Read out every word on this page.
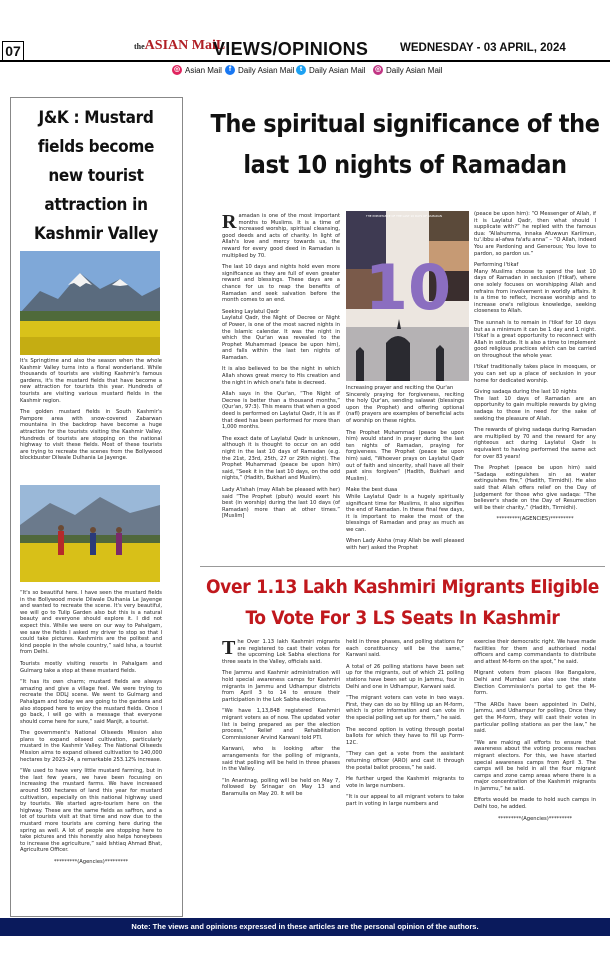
07	theASIAN MaiL
VIEWS/OPINIONS	WEDNESDAY - 03 APRIL, 2024
◎ Asian Mail f Daily Asian Mail t Daily Asian Mail ◎ Daily Asian Mail
J&K : Mustard fields become new tourist attraction in Kashmir Valley

It's Springtime and also the season when the whole Kashmir Valley turns into a floral wonderland. While thousands of tourists are visiting Kashmir's famous gardens, it's the mustard fields that have become a new attraction for tourists this year. Hundreds of tourists are visiting various mustard fields in the Kashmir region.

The golden mustard fields in South Kashmir's Pampore area with snow-covered Zabarwan mountains in the backdrop have become a huge attraction for the tourists visiting the Kashmir Valley. Hundreds of tourists are stopping on the national highway to visit these fields. Most of these tourists are trying to recreate the scenes from the Bollywood blockbuster Dilwale Dulhania Le Jayenge.

“It's so beautiful here. I have seen the mustard fields in the Bollywood movie Dilwale Dulhania Le Jayenge and wanted to recreate the scene. It's very beautiful, we will go to Tulip Garden also but this is a natural beauty and everyone should explore it. I did not expect this. While we were on our way to Pahalgam, we saw the fields I asked my driver to stop so that I could take pictures. Kashmiris are the politest and kind people in the whole country,” said Isha, a tourist from Delhi.

Tourists mostly visiting resorts in Pahalgam and Gulmarg take a stop at these mustard fields.

“It has its own charm; mustard fields are always amazing and give a village feel. We were trying to recreate the DDLJ scene. We went to Gulmarg and Pahalgam and today we are going to the gardens and also stopped here to enjoy the mustard fields. Once I go back, I will go with a message that everyone should come here for sure,” said Manjit, a tourist.

The government's National Oilseeds Mission also plans to expand oilseed cultivation, particularly mustard in the Kashmir Valley. The National Oilseeds Mission aims to expand oilseed cultivation to 140,000 hectares by 2023-24, a remarkable 253.12% increase.

“We used to have very little mustard farming, but in the last few years, we have been focusing on increasing the mustard farms. We have increased around 500 hectares of land this year for mustard cultivation, especially on this national highway used by tourists. We started agro-tourism here on the highway. These are the same fields as saffron, and a lot of tourists visit at that time and now due to the mustard more tourists are coming here during the spring as well. A lot of people are stopping here to take pictures and this honestly also helps honeybees to increase the agriculture,” said Ishtiaq Ahmad Bhat, Agriculture Officer.

*********(Agencies)*********

The spiritual significance of the last 10 nights of Ramadan

Ramadan is one of the most important months to Muslims. It is a time of increased worship, spiritual cleansing, good deeds and acts of charity. In light of Allah's love and mercy towards us, the reward for every good deed in Ramadan is multiplied by 70.

The last 10 days and nights hold even more significance as they are full of even greater reward and blessings. These days are a chance for us to reap the benefits of Ramadan and seek salvation before the month comes to an end.

Seeking Laylatul Qadr
Laylatul Qadr, the Night of Decree or Night of Power, is one of the most sacred nights in the Islamic calendar. It was the night in which the Qur'an was revealed to the Prophet Muhammad (peace be upon him), and falls within the last ten nights of Ramadan.

It is also believed to be the night in which Allah shows great mercy to His creation and the night in which one's fate is decreed.

Allah says in the Qur'an, “The Night of Decree is better than a thousand months,” (Qur'an, 97:3). This means that when a good deed is performed on Laylatul Qadr, it is as if that deed has been performed for more than 1,000 months.

The exact date of Laylatul Qadr is unknown, although it is thought to occur on an odd night in the last 10 days of Ramadan (e.g. the 21st, 23rd, 25th, 27 or 29th night). The Prophet Muhammad (peace be upon him) said, “Seek it in the last 10 days, on the odd nights,” (Hadith, Bukhari and Muslim).

Lady A'ishah (may Allah be pleased with her) said “The Prophet (pbuh) would exert his best (in worship) during the last 10 days (of Ramadan) more than at other times.” [Muslim]

10
THE IMPORTANCE OF THE LAST 10 DAYS OF RAMADAN

Increasing prayer and reciting the Qur'an
Sincerely praying for forgiveness, reciting the holy Qur'an, sending salawat (blessings upon the Prophet) and offering optional (nafl) prayers are examples of beneficial acts of worship on these nights.

The Prophet Muhammad (peace be upon him) would stand in prayer during the last ten nights of Ramadan, praying for forgiveness. The Prophet (peace be upon him) said, “Whoever prays on Laylatul Qadr out of faith and sincerity, shall have all their past sins forgiven” (Hadith, Bukhari and Muslim).

Make the best duaa
While Laylatul Qadr is a hugely spiritually significant time for Muslims, it also signifies the end of Ramadan. In these final few days, it is important to make the most of the blessings of Ramadan and pray as much as we can.

When Lady Aisha (may Allah be well pleased with her) asked the Prophet

(peace be upon him): “O Messenger of Allah, if it is Laylatul Qadr, then what should I supplicate with?” he replied with the famous dua: “Allahumma, innaka Afuwwun Kariimun, tu'.ibbu al-afwa fa'afu anna” – “O Allah, indeed You are Pardoning and Generous; You love to pardon, so pardon us.”

Performing I'tikaf
Many Muslims choose to spend the last 10 days of Ramadan in seclusion (I'tikaf), where one solely focuses on worshipping Allah and refrains from involvement in worldly affairs. It is a time to reflect, increase worship and to increase one's religious knowledge, seeking closeness to Allah.

The sunnah is to remain in i'tikaf for 10 days but as a minimum it can be 1 day and 1 night. I'tikaf is a great opportunity to reconnect with Allah in solitude. It is also a time to implement good religious practices which can be carried on throughout the whole year.

I'tikaf traditionally takes place in mosques, or you can set up a place of seclusion in your home for dedicated worship.

Giving sadaqa during the last 10 nights
The last 10 days of Ramadan are an opportunity to gain multiple rewards by giving sadaqa to those in need for the sake of seeking the pleasure of Allah.

The rewards of giving sadaqa during Ramadan are multiplied by 70 and the reward for any righteous act during Laylatul Qadr is equivalent to having performed the same act for over 83 years!

The Prophet (peace be upon him) said “Sadaqa extinguishes sin as water extinguishes fire,” (Hadith, Tirmidhi). He also said that Allah offers relief on the Day of Judgement for those who give sadaqa: “The believer's shade on the Day of Resurrection will be their charity,” (Hadith, Tirmidhi).

*********(AGENCIES)*********

Over 1.13 Lakh Kashmiri Migrants Eligible To Vote For 3 LS Seats In Kashmir

The Over 1.13 lakh Kashmiri migrants are registered to cast their votes for the upcoming Lok Sabha elections for three seats in the Valley, officials said.

The Jammu and Kashmir administration will hold special awareness camps for Kashmiri migrants in Jammu and Udhampur districts from April 3 to 14 to ensure their participation in the Lok Sabha elections.

“We have 1,13,848 registered Kashmiri migrant voters as of now. The updated voter list is being prepared as per the election process,” Relief and Rehabilitation Commissioner Arvind Karwani told PTI.

Karwani, who is looking after the arrangements for the polling of migrants, said that polling will be held in three phases in the Valley.

“In Anantnag, polling will be held on May 7, followed by Srinagar on May 13 and Baramulla on May 20. It will be

held in three phases, and polling stations for each constituency will be the same,” Karwani said.

A total of 26 polling stations have been set up for the migrants, out of which 21 polling stations have been set up in Jammu, four in Delhi and one in Udhampur, Karwani said.

“The migrant voters can vote in two ways. First, they can do so by filling up an M-form, which is prior information and can vote in the special polling set up for them,” he said.

The second option is voting through postal ballots for which they have to fill up Form-12C.

“They can get a vote from the assistant returning officer (ARO) and cast it through the postal ballot process,” he said.

He further urged the Kashmiri migrants to vote in large numbers.

“It is our appeal to all migrant voters to take part in voting in large numbers and

exercise their democratic right. We have made facilities for them and authorised nodal officers and camp commandants to distribute and attest M-form on the spot,” he said.

Migrant voters from places like Bangalore, Delhi and Mumbai can also use the state Election Commission's portal to get the M-form.

“The AROs have been appointed in Delhi, Jammu, and Udhampur for polling. Once they get the M-form, they will cast their votes in particular polling stations as per the law,” he said.

“We are making all efforts to ensure that awareness about the voting process reaches migrant electors. For this, we have started special awareness camps from April 3. The camps will be held in all the four migrant camps and zone camp areas where there is a major concentration of the Kashmiri migrants in Jammu,” he said.

Efforts would be made to hold such camps in Delhi too, he added.

*********(Agencies)*********

Note: The views and opinions expressed in these articles are the personal opinion of the authors.
